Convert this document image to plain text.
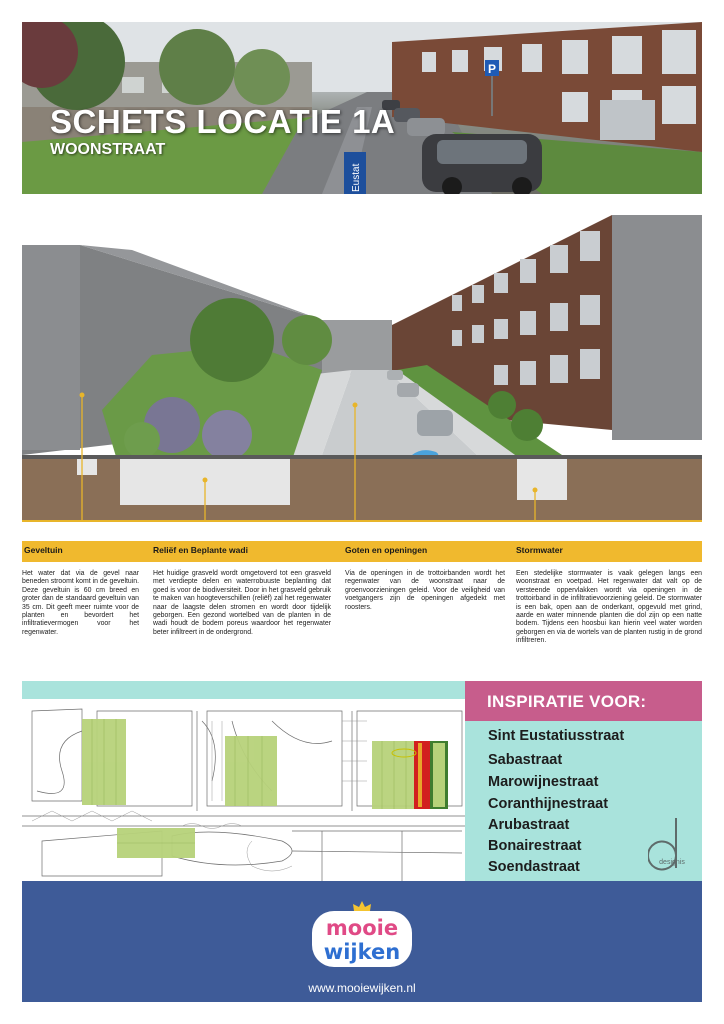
P
Eustat
SCHETS LOCATIE 1A
WOONSTRAAT
Geveltuin	Reliëf en Beplante wadi	Goten en openingen	Stormwater
Het water dat via de gevel naar beneden stroomt komt in de geveltuin. Deze geveltuin is 60 cm breed en groter dan de standaard geveltuin van 35 cm. Dit geeft meer ruimte voor de planten en bevordert het infiltratievermogen voor het regenwater.
Het huidige grasveld wordt omgetoverd tot een grasveld met verdiepte delen en waterrobuuste beplanting dat goed is voor de biodiversiteit. Door in het grasveld gebruik te maken van hoogteverschillen (reliëf) zal het regenwater naar de laagste delen stromen en wordt door tijdelijk geborgen. Een gezond wortelbed van de planten in de wadi houdt de bodem poreus waardoor het regenwater beter infiltreert in de ondergrond.
Via de openingen in de trottoirbanden wordt het regenwater van de woonstraat naar de groenvoorzieningen geleid. Voor de veiligheid van voetgangers zijn de openingen afgedekt met roosters.
Een stedelijke stormwater is vaak gelegen langs een woonstraat en voetpad. Het regenwater dat valt op de versteende oppervlakken wordt via openingen in de trottoirband in de infiltratievoorziening geleid. De stormwater is een bak, open aan de onderkant, opgevuld met grind, aarde en water minnende planten die dol zijn op een natte bodem. Tijdens een hoosbui kan hierin veel water worden geborgen en via de wortels van de planten rustig in de grond infiltreren.
INSPIRATIE VOOR:
Sint Eustatiusstraat
Sabastraat
Marowijnestraat
Coranthijnestraat
Arubastraat
Bonairestraat
Soendastraat	designis
mooie
wijken
www.mooiewijken.nl
